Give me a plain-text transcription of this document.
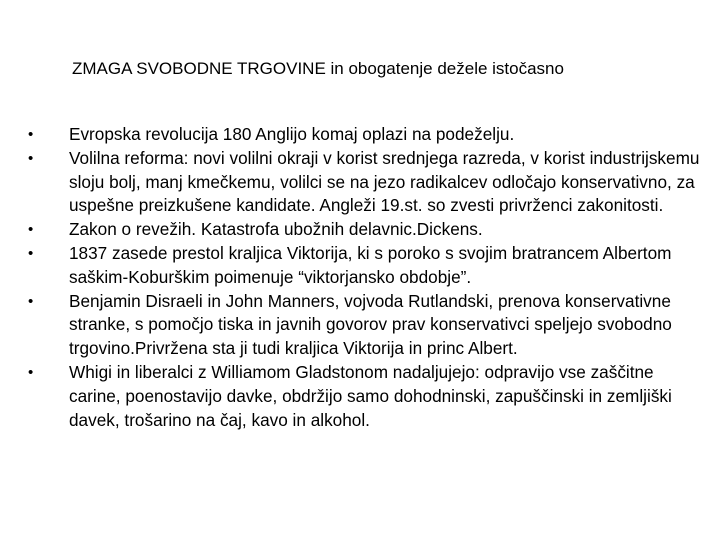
ZMAGA SVOBODNE TRGOVINE in obogatenje dežele istočasno
• Evropska revolucija 180 Anglijo komaj oplazi na podeželju.
• Volilna reforma: novi volilni okraji v korist srednjega razreda, v korist industrijskemu sloju bolj, manj kmečkemu, volilci se na jezo radikalcev odločajo konservativno, za uspešne preizkušene kandidate. Angleži 19.st. so zvesti privrženci zakonitosti.
• Zakon o revežih. Katastrofa ubožnih delavnic.Dickens.
• 1837 zasede prestol kraljica Viktorija, ki s poroko s svojim bratrancem Albertom saškim-Koburškim poimenuje “viktorjansko obdobje”.
• Benjamin Disraeli in John Manners, vojvoda Rutlandski, prenova konservativne stranke, s pomočjo tiska in javnih govorov prav konservativci speljejo svobodno trgovino.Privržena sta ji tudi kraljica Viktorija in princ Albert.
• Whigi in liberalci z Williamom Gladstonom nadaljujejo: odpravijo vse zaščitne carine, poenostavijo davke, obdržijo samo dohodninski, zapuščinski in zemljiški davek, trošarino na čaj, kavo in alkohol.
